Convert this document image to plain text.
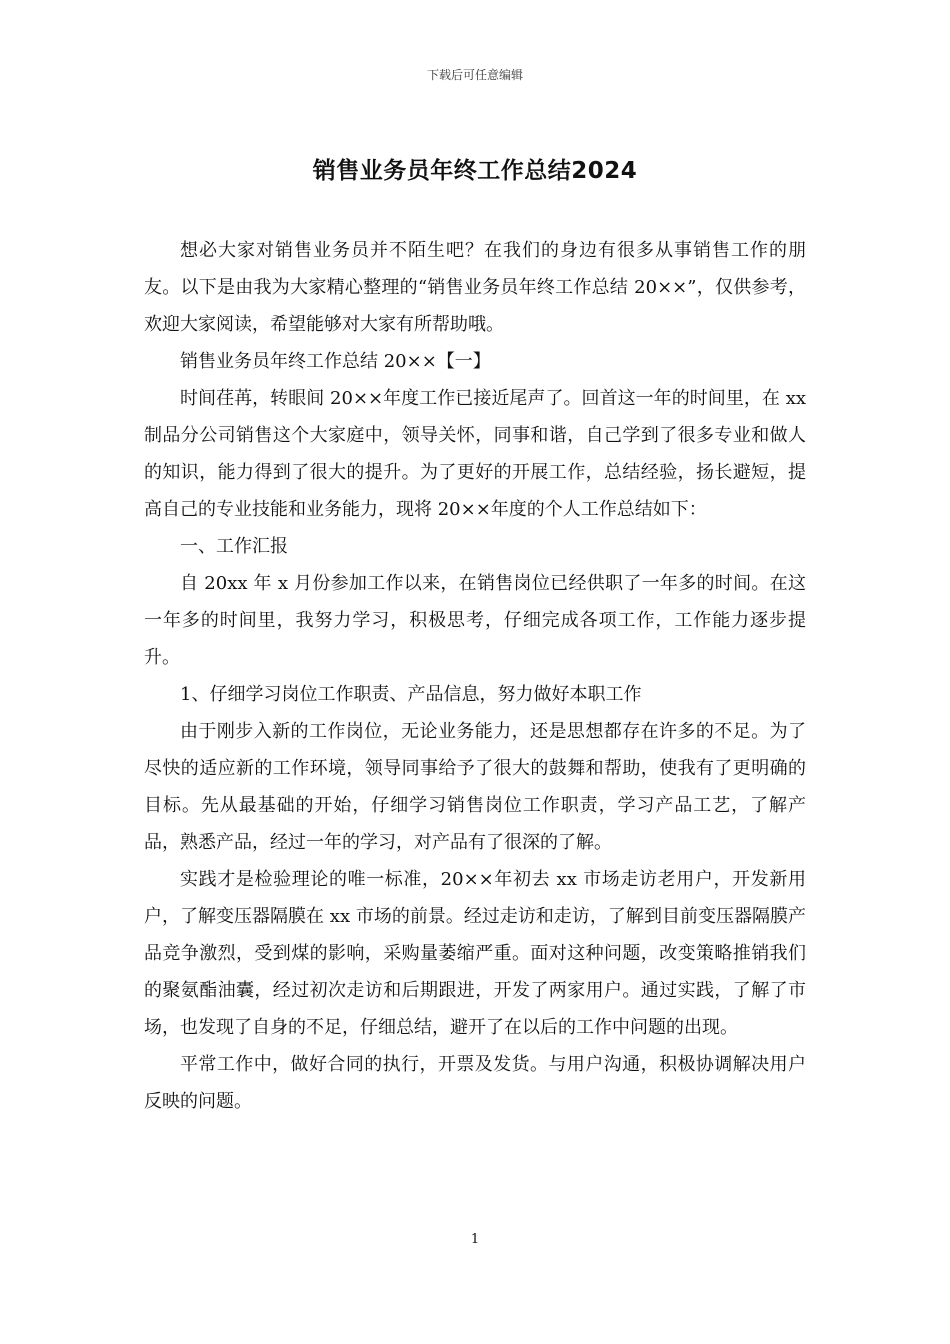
下载后可任意编辑
销售业务员年终工作总结2024

想必大家对销售业务员并不陌生吧？在我们的身边有很多从事销售工作的朋友。以下是由我为大家精心整理的“销售业务员年终工作总结 20××”，仅供参考，欢迎大家阅读，希望能够对大家有所帮助哦。

销售业务员年终工作总结 20××【一】

时间荏苒，转眼间 20××年度工作已接近尾声了。回首这一年的时间里，在 xx 制品分公司销售这个大家庭中，领导关怀，同事和谐，自己学到了很多专业和做人的知识，能力得到了很大的提升。为了更好的开展工作，总结经验，扬长避短，提高自己的专业技能和业务能力，现将 20××年度的个人工作总结如下：

一、工作汇报

自 20xx 年 x 月份参加工作以来，在销售岗位已经供职了一年多的时间。在这一年多的时间里，我努力学习，积极思考，仔细完成各项工作，工作能力逐步提升。

1、仔细学习岗位工作职责、产品信息，努力做好本职工作

由于刚步入新的工作岗位，无论业务能力，还是思想都存在许多的不足。为了尽快的适应新的工作环境，领导同事给予了很大的鼓舞和帮助，使我有了更明确的目标。先从最基础的开始，仔细学习销售岗位工作职责，学习产品工艺，了解产品，熟悉产品，经过一年的学习，对产品有了很深的了解。

实践才是检验理论的唯一标准，20××年初去 xx 市场走访老用户，开发新用户，了解变压器隔膜在 xx 市场的前景。经过走访和走访，了解到目前变压器隔膜产品竞争激烈，受到煤的影响，采购量萎缩严重。面对这种问题，改变策略推销我们的聚氨酯油囊，经过初次走访和后期跟进，开发了两家用户。通过实践，了解了市场，也发现了自身的不足，仔细总结，避开了在以后的工作中问题的出现。

平常工作中，做好合同的执行，开票及发货。与用户沟通，积极协调解决用户反映的问题。

1
